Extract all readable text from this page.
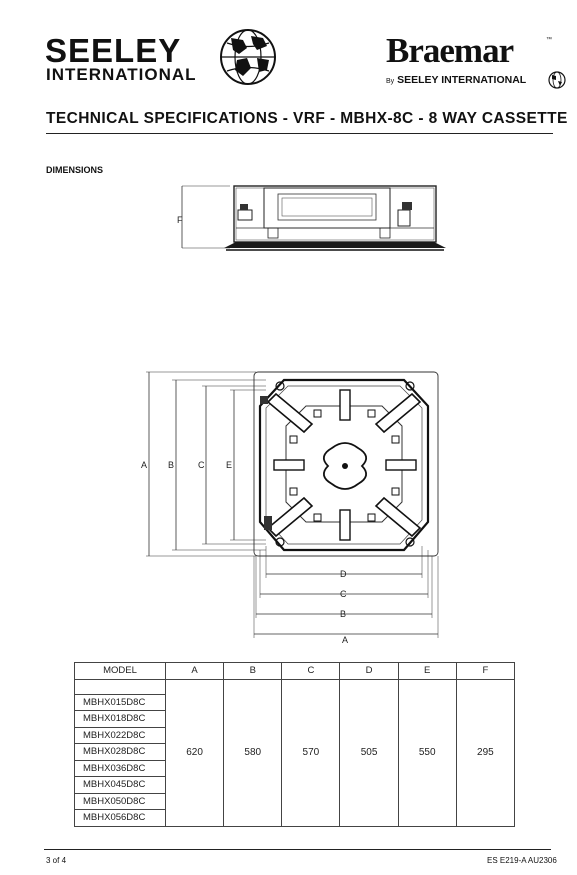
SEELEY
INTERNATIONAL
Braemar	™
By SEELEY INTERNATIONAL
TECHNICAL SPECIFICATIONS - VRF - MBHX-8C - 8 WAY CASSETTE
DIMENSIONS
F
A B	C E
D
C
B
A
MODEL	A	B	C	D	E	F
	620	580	570	505	550	295
MBHX015D8C						
MBHX018D8C						
MBHX022D8C						
MBHX028D8C						
MBHX036D8C						
MBHX045D8C						
MBHX050D8C						
MBHX056D8C						
3 of 4	ES E219-A AU2306
